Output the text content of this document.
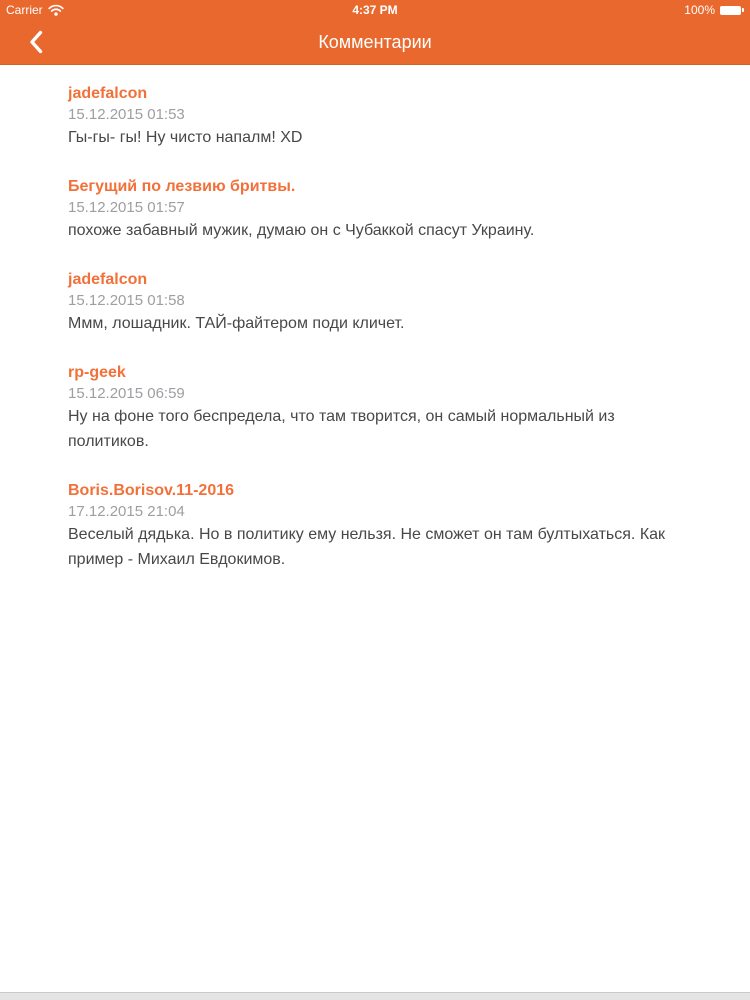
Carrier	4:37 PM	100%
Комментарии
jadefalcon
15.12.2015 01:53
Гы-гы- гы! Ну чисто напалм! XD
Бегущий по лезвию бритвы.
15.12.2015 01:57
похоже забавный мужик, думаю он с Чубаккой спасут Украину.
jadefalcon
15.12.2015 01:58
Ммм, лошадник. ТАЙ-файтером поди кличет.
rp-geek
15.12.2015 06:59
Ну на фоне того беспредела, что там творится, он самый нормальный из политиков.
Boris.Borisov.11-2016
17.12.2015 21:04
Веселый дядька. Но в политику ему нельзя. Не сможет он там бултыхаться. Как пример - Михаил Евдокимов.
